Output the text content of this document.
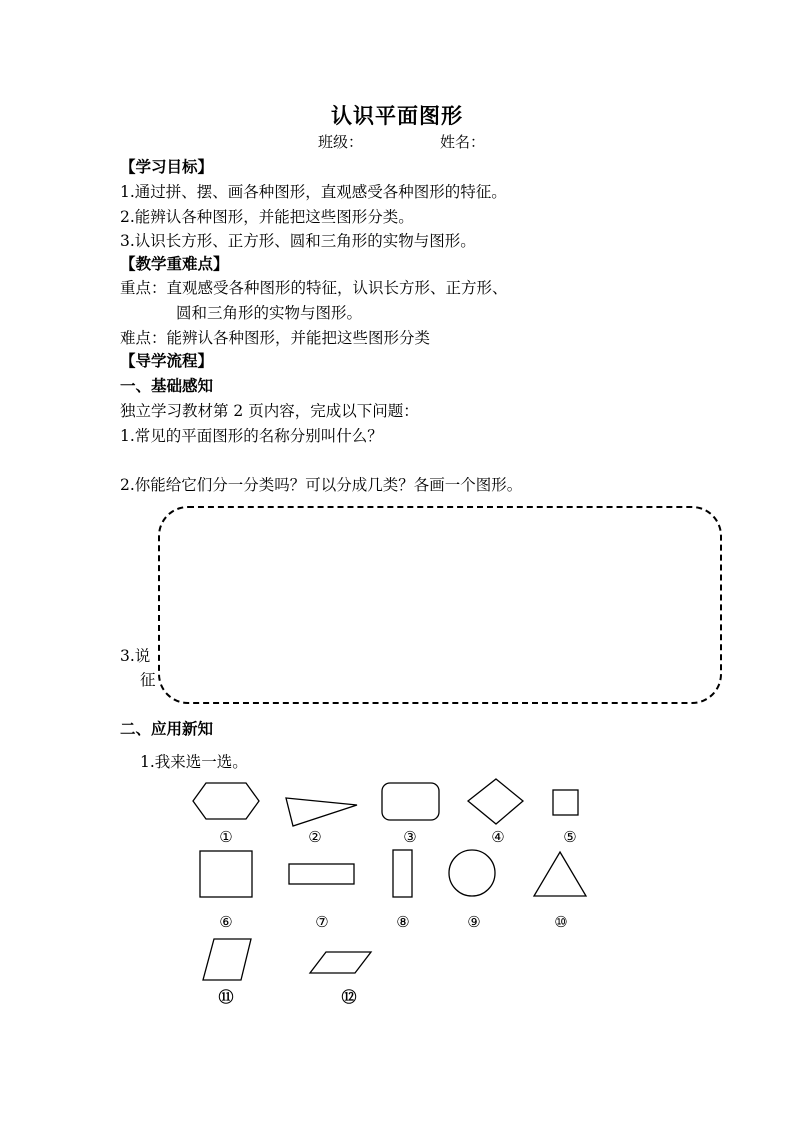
认识平面图形
班级：	姓名：
【学习目标】
1.通过拼、摆、画各种图形，直观感受各种图形的特征。
2.能辨认各种图形，并能把这些图形分类。
3.认识长方形、正方形、圆和三角形的实物与图形。
【教学重难点】
重点：直观感受各种图形的特征，认识长方形、正方形、
圆和三角形的实物与图形。
难点：能辨认各种图形，并能把这些图形分类
【导学流程】
一、基础感知
独立学习教材第 2 页内容，完成以下问题：
1.常见的平面图形的名称分别叫什么？
2.你能给它们分一分类吗？可以分成几类？各画一个图形。
3.说
征
二、应用新知
1.我来选一选。
①	②	③	④	⑤
⑥	⑦	⑧	⑨	⑩
⑪	⑫
